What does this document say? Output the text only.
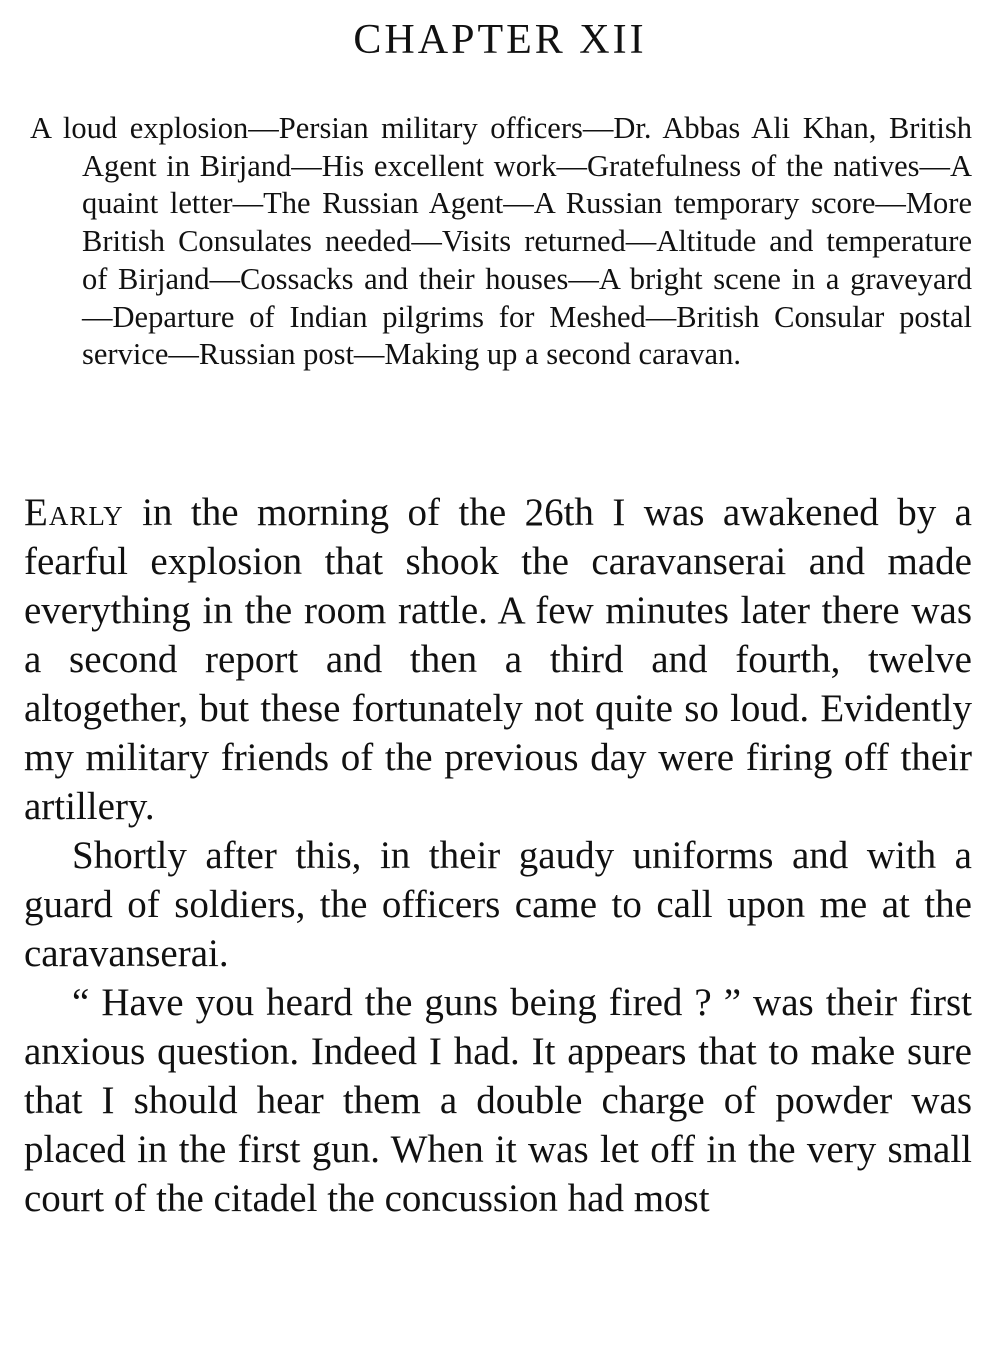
CHAPTER XII
A loud explosion—Persian military officers—Dr. Abbas Ali Khan, British Agent in Birjand—His excellent work—Gratefulness of the natives—A quaint letter—The Russian Agent—A Russian temporary score—More British Consulates needed—Visits returned—Altitude and temperature of Birjand—Cossacks and their houses—A bright scene in a graveyard—Departure of Indian pilgrims for Meshed—British Consular postal service—Russian post—Making up a second caravan.

Early in the morning of the 26th I was awakened by a fearful explosion that shook the caravanserai and made everything in the room rattle. A few minutes later there was a second report and then a third and fourth, twelve altogether, but these fortunately not quite so loud. Evidently my military friends of the previous day were firing off their artillery.

Shortly after this, in their gaudy uniforms and with a guard of soldiers, the officers came to call upon me at the caravanserai.

“ Have you heard the guns being fired ? ” was their first anxious question. Indeed I had. It appears that to make sure that I should hear them a double charge of powder was placed in the first gun. When it was let off in the very small court of the citadel the concussion had most
